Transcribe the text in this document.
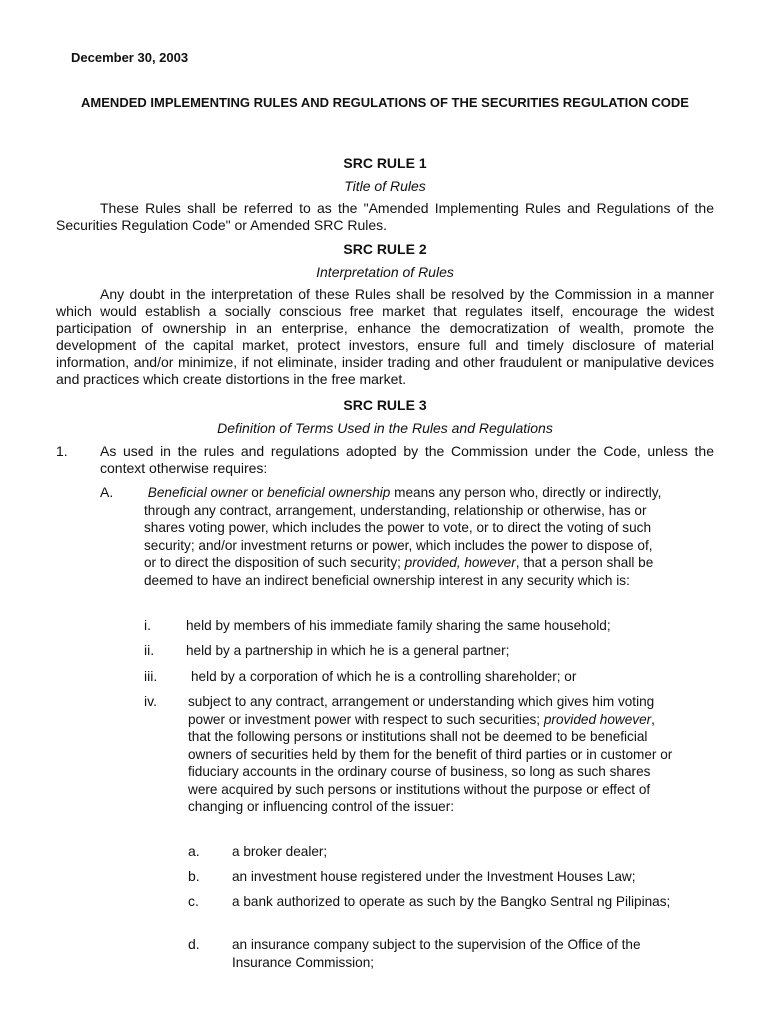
December 30, 2003
AMENDED IMPLEMENTING RULES AND REGULATIONS OF THE SECURITIES REGULATION CODE
SRC RULE 1
Title of Rules
These Rules shall be referred to as the "Amended Implementing Rules and Regulations of the Securities Regulation Code" or Amended SRC Rules.
SRC RULE 2
Interpretation of Rules
Any doubt in the interpretation of these Rules shall be resolved by the Commission in a manner which would establish a socially conscious free market that regulates itself, encourage the widest participation of ownership in an enterprise, enhance the democratization of wealth, promote the development of the capital market, protect investors, ensure full and timely disclosure of material information, and/or minimize, if not eliminate, insider trading and other fraudulent or manipulative devices and practices which create distortions in the free market.
SRC RULE 3
Definition of Terms Used in the Rules and Regulations
1. As used in the rules and regulations adopted by the Commission under the Code, unless the context otherwise requires:
A.	Beneficial owner or beneficial ownership means any person who, directly or indirectly, through any contract, arrangement, understanding, relationship or otherwise, has or shares voting power, which includes the power to vote, or to direct the voting of such security; and/or investment returns or power, which includes the power to dispose of, or to direct the disposition of such security; provided, however, that a person shall be deemed to have an indirect beneficial ownership interest in any security which is:
iv. subject to any contract, arrangement or understanding which gives him voting power or investment power with respect to such securities; provided however, that the following persons or institutions shall not be deemed to be beneficial owners of securities held by them for the benefit of third parties or in customer or fiduciary accounts in the ordinary course of business, so long as such shares were acquired by such persons or institutions without the purpose or effect of changing or influencing control of the issuer:
i.	held by members of his immediate family sharing the same household;
ii. held by a partnership in which he is a general partner;
iii. held by a corporation of which he is a controlling shareholder; or
a. a broker dealer;
b. an investment house registered under the Investment Houses Law;
c. a bank authorized to operate as such by the Bangko Sentral ng Pilipinas;
d. an insurance company subject to the supervision of the Office of the Insurance Commission;
